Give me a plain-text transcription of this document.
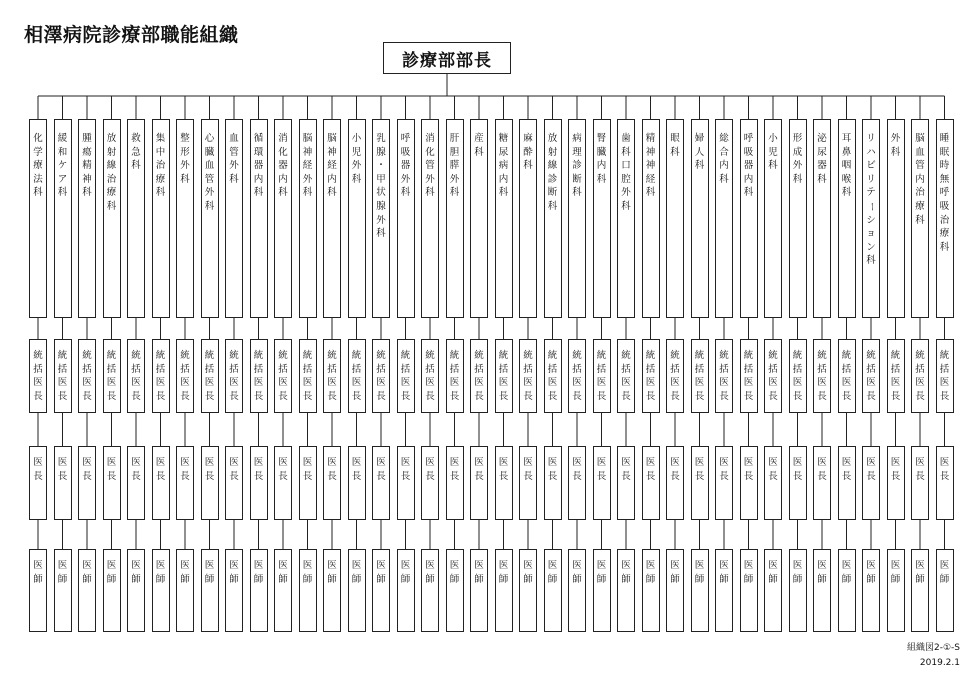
相澤病院診療部職能組織
診療部部長
化
学
療
法
科
統
括
医
長
医
長
医
師
緩
和
ケ
ア
科
統
括
医
長
医
長
医
師
腫
瘍
精
神
科
統
括
医
長
医
長
医
師
放
射
線
治
療
科
統
括
医
長
医
長
医
師
救
急
科
統
括
医
長
医
長
医
師
集
中
治
療
科
統
括
医
長
医
長
医
師
整
形
外
科
統
括
医
長
医
長
医
師
心
臓
血
管
外
科
統
括
医
長
医
長
医
師
血
管
外
科
統
括
医
長
医
長
医
師
循
環
器
内
科
統
括
医
長
医
長
医
師
消
化
器
内
科
統
括
医
長
医
長
医
師
脳
神
経
外
科
統
括
医
長
医
長
医
師
脳
神
経
内
科
統
括
医
長
医
長
医
師
小
児
外
科
統
括
医
長
医
長
医
師
乳
腺
・
甲
状
腺
外
科
統
括
医
長
医
長
医
師
呼
吸
器
外
科
統
括
医
長
医
長
医
師
消
化
管
外
科
統
括
医
長
医
長
医
師
肝
胆
膵
外
科
統
括
医
長
医
長
医
師
産
科
統
括
医
長
医
長
医
師
糖
尿
病
内
科
統
括
医
長
医
長
医
師
麻
酔
科
統
括
医
長
医
長
医
師
放
射
線
診
断
科
統
括
医
長
医
長
医
師
病
理
診
断
科
統
括
医
長
医
長
医
師
腎
臓
内
科
統
括
医
長
医
長
医
師
歯
科
口
腔
外
科
統
括
医
長
医
長
医
師
精
神
神
経
科
統
括
医
長
医
長
医
師
眼
科
統
括
医
長
医
長
医
師
婦
人
科
統
括
医
長
医
長
医
師
総
合
内
科
統
括
医
長
医
長
医
師
呼
吸
器
内
科
統
括
医
長
医
長
医
師
小
児
科
統
括
医
長
医
長
医
師
形
成
外
科
統
括
医
長
医
長
医
師
泌
尿
器
科
統
括
医
長
医
長
医
師
耳
鼻
咽
喉
科
統
括
医
長
医
長
医
師
リ
ハ
ビ
リ
テ
ー
シ
ョ
ン
科
統
括
医
長
医
長
医
師
外
科
統
括
医
長
医
長
医
師
脳
血
管
内
治
療
科
統
括
医
長
医
長
医
師
睡
眠
時
無
呼
吸
治
療
科
統
括
医
長
医
長
医
師
組織図2-①-S
2019.2.1
